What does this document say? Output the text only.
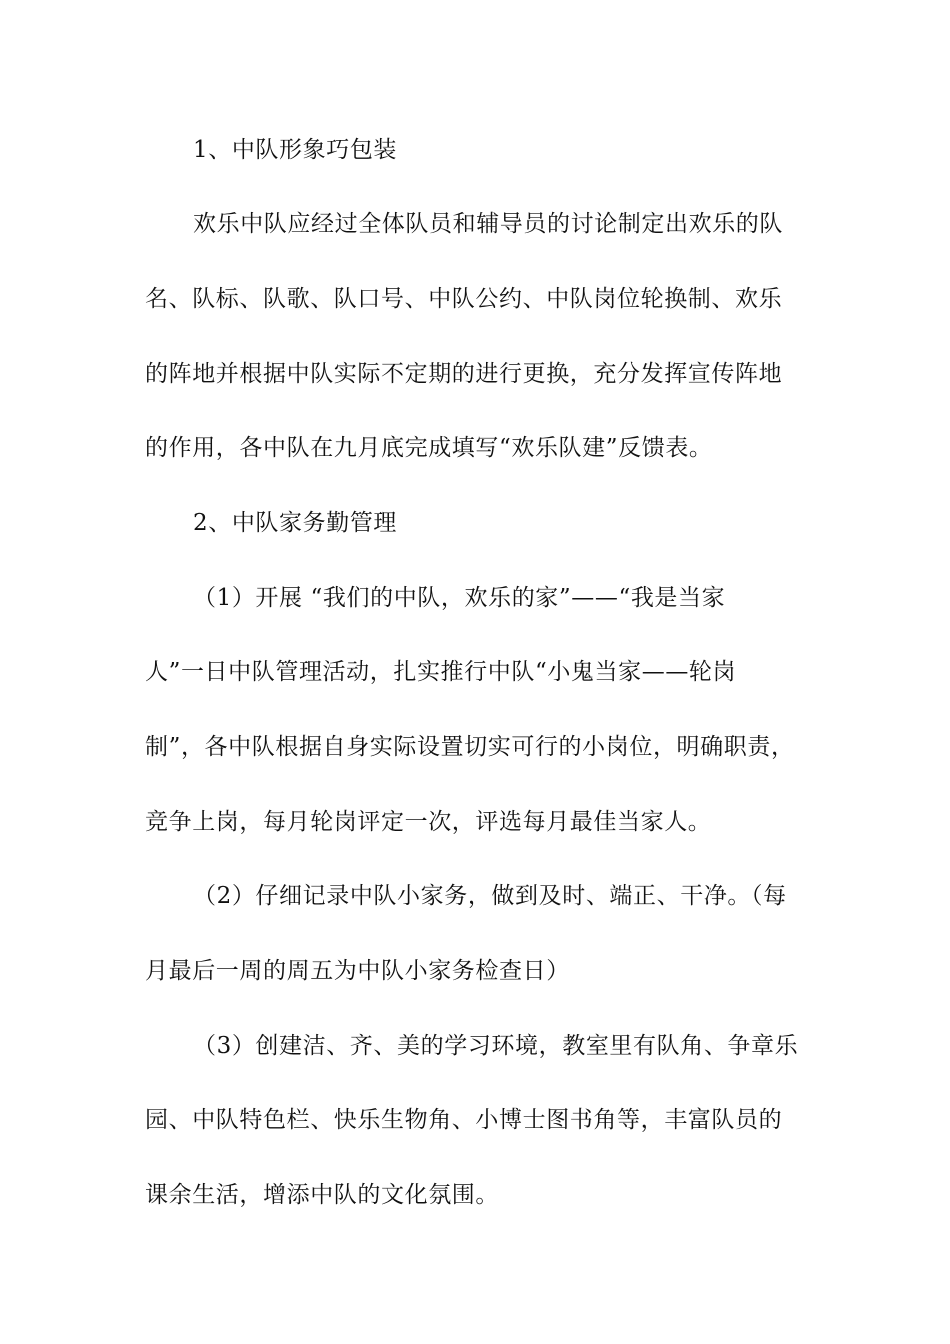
1、中队形象巧包装
欢乐中队应经过全体队员和辅导员的讨论制定出欢乐的队
名、队标、队歌、队口号、中队公约、中队岗位轮换制、欢乐
的阵地并根据中队实际不定期的进行更换，充分发挥宣传阵地
的作用，各中队在九月底完成填写“欢乐队建”反馈表。
2、中队家务勤管理
（1）开展 “我们的中队，欢乐的家”——“我是当家
人”一日中队管理活动，扎实推行中队“小鬼当家——轮岗
制”，各中队根据自身实际设置切实可行的小岗位，明确职责，
竞争上岗，每月轮岗评定一次，评选每月最佳当家人。
（2）仔细记录中队小家务，做到及时、端正、干净。（每
月最后一周的周五为中队小家务检查日）
（3）创建洁、齐、美的学习环境，教室里有队角、争章乐
园、中队特色栏、快乐生物角、小博士图书角等，丰富队员的
课余生活，增添中队的文化氛围。
